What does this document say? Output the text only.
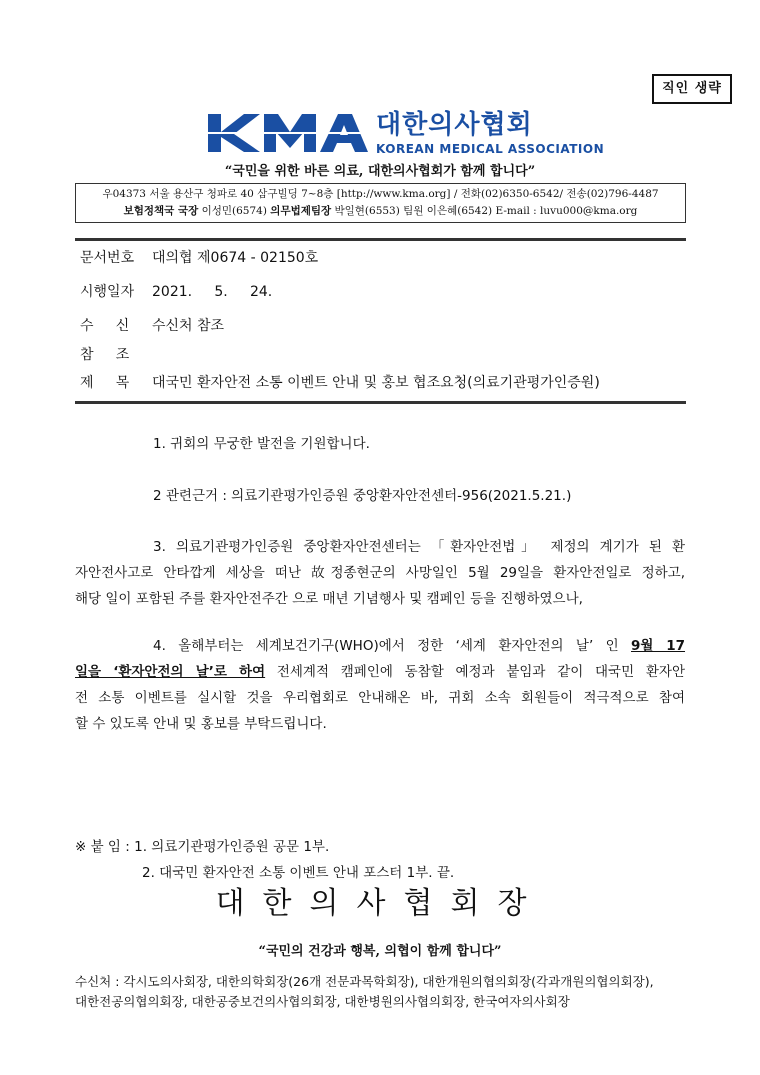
직인 생략
대한의사협회
KOREAN MEDICAL ASSOCIATION
“국민을 위한 바른 의료, 대한의사협회가 함께 합니다”
우04373 서울 용산구 청파로 40 삼구빌딩 7~8층 [http://www.kma.org] / 전화(02)6350-6542/ 전송(02)796-4487
보험정책국 국장 이성민(6574) 의무법제팀장 박일현(6553) 팀원 이은혜(6542) E-mail : luvu000@kma.org
문서번호 대의협 제0674 - 02150호
시행일자 2021.     5.     24.
수     신 수신처 참조
참     조
제     목 대국민 환자안전 소통 이벤트 안내 및 홍보 협조요청(의료기관평가인증원)
1. 귀회의 무궁한 발전을 기원합니다.
2 관련근거 : 의료기관평가인증원 중앙환자안전센터-956(2021.5.21.)
3. 의료기관평가인증원 중앙환자안전센터는 「환자안전법」 제정의 계기가 된 환
자안전사고로 안타깝게 세상을 떠난 故정종현군의 사망일인 5월 29일을 환자안전일로 정하고,
해당 일이 포함된 주를 환자안전주간 으로 매년 기념행사 및 캠페인 등을 진행하였으나,
4. 올해부터는 세계보건기구(WHO)에서 정한 ‘세계 환자안전의 날’ 인 9월 17
일을 ‘환자안전의 날’로 하여 전세계적 캠페인에 동참할 예정과 붙임과 같이 대국민 환자안
전 소통 이벤트를 실시할 것을 우리협회로 안내해온 바, 귀회 소속 회원들이 적극적으로 참여
할 수 있도록 안내 및 홍보를 부탁드립니다.
※ 붙 임 : 1. 의료기관평가인증원 공문 1부.
2. 대국민 환자안전 소통 이벤트 안내 포스터 1부. 끝.
대한의사협회장
“국민의 건강과 행복, 의협이 함께 합니다”
수신처 : 각시도의사회장, 대한의학회장(26개 전문과목학회장), 대한개원의협의회장(각과개원의협의회장),
대한전공의협의회장, 대한공중보건의사협의회장, 대한병원의사협의회장, 한국여자의사회장
